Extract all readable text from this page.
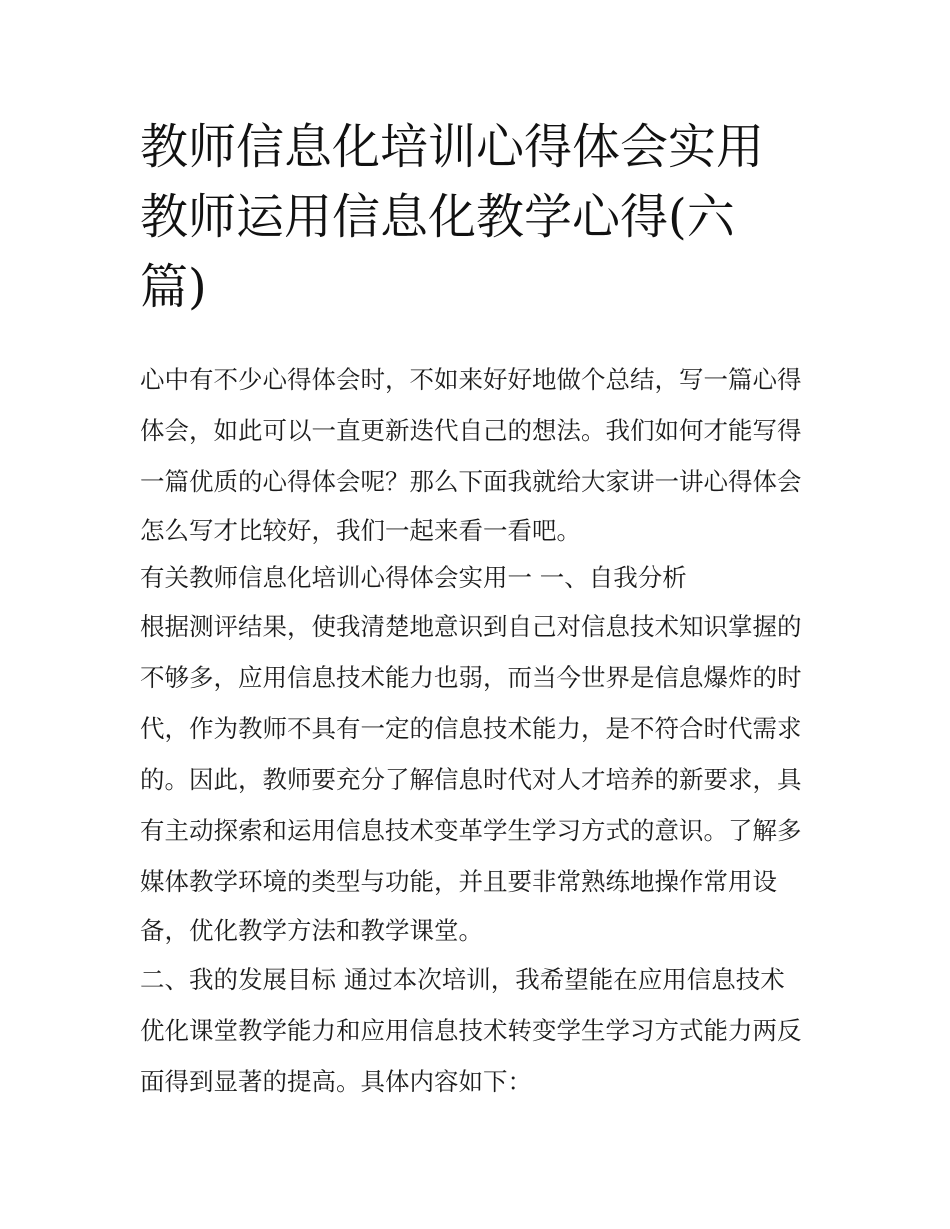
教师信息化培训心得体会实用
教师运用信息化教学心得(六
篇)

心中有不少心得体会时，不如来好好地做个总结，写一篇心得
体会，如此可以一直更新迭代自己的想法。我们如何才能写得
一篇优质的心得体会呢？那么下面我就给大家讲一讲心得体会
怎么写才比较好，我们一起来看一看吧。

有关教师信息化培训心得体会实用一 一、自我分析

根据测评结果，使我清楚地意识到自己对信息技术知识掌握的
不够多，应用信息技术能力也弱，而当今世界是信息爆炸的时
代，作为教师不具有一定的信息技术能力，是不符合时代需求
的。因此，教师要充分了解信息时代对人才培养的新要求，具
有主动探索和运用信息技术变革学生学习方式的意识。了解多
媒体教学环境的类型与功能，并且要非常熟练地操作常用设
备，优化教学方法和教学课堂。

二、我的发展目标 通过本次培训，我希望能在应用信息技术
优化课堂教学能力和应用信息技术转变学生学习方式能力两反
面得到显著的提高。具体内容如下：
